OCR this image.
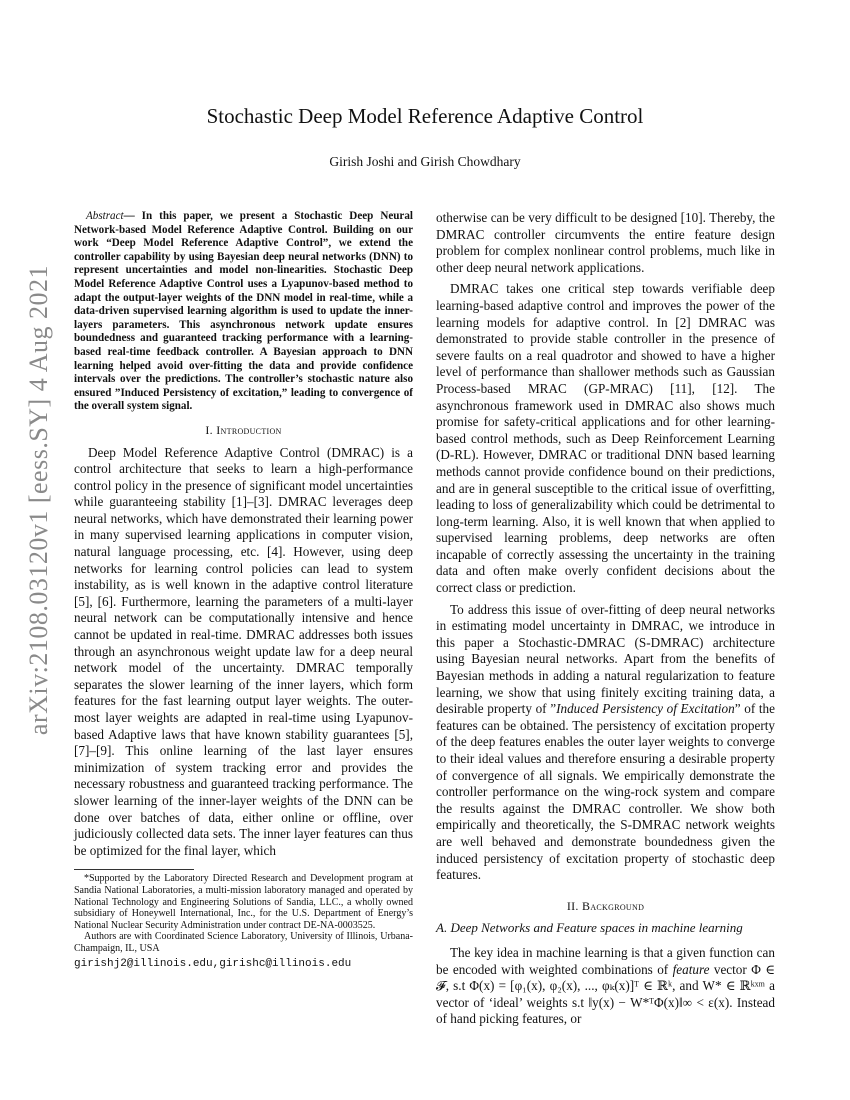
arXiv:2108.03120v1 [eess.SY] 4 Aug 2021
Stochastic Deep Model Reference Adaptive Control
Girish Joshi and Girish Chowdhary

Abstract— In this paper, we present a Stochastic Deep Neural Network-based Model Reference Adaptive Control. Building on our work “Deep Model Reference Adaptive Control”, we extend the controller capability by using Bayesian deep neural networks (DNN) to represent uncertainties and model non-linearities. Stochastic Deep Model Reference Adaptive Control uses a Lyapunov-based method to adapt the output-layer weights of the DNN model in real-time, while a data-driven supervised learning algorithm is used to update the inner-layers parameters. This asynchronous network update ensures boundedness and guaranteed tracking performance with a learning-based real-time feedback controller. A Bayesian approach to DNN learning helped avoid over-fitting the data and provide confidence intervals over the predictions. The controller’s stochastic nature also ensured ”Induced Persistency of excitation,” leading to convergence of the overall system signal.

I. Introduction

Deep Model Reference Adaptive Control (DMRAC) is a control architecture that seeks to learn a high-performance control policy in the presence of significant model uncertainties while guaranteeing stability [1]–[3]. DMRAC leverages deep neural networks, which have demonstrated their learning power in many supervised learning applications in computer vision, natural language processing, etc. [4]. However, using deep networks for learning control policies can lead to system instability, as is well known in the adaptive control literature [5], [6]. Furthermore, learning the parameters of a multi-layer neural network can be computationally intensive and hence cannot be updated in real-time. DMRAC addresses both issues through an asynchronous weight update law for a deep neural network model of the uncertainty. DMRAC temporally separates the slower learning of the inner layers, which form features for the fast learning output layer weights. The outer-most layer weights are adapted in real-time using Lyapunov-based Adaptive laws that have known stability guarantees [5], [7]–[9]. This online learning of the last layer ensures minimization of system tracking error and provides the necessary robustness and guaranteed tracking performance. The slower learning of the inner-layer weights of the DNN can be done over batches of data, either online or offline, over judiciously collected data sets. The inner layer features can thus be optimized for the final layer, which

*Supported by the Laboratory Directed Research and Development program at Sandia National Laboratories, a multi-mission laboratory managed and operated by National Technology and Engineering Solutions of Sandia, LLC., a wholly owned subsidiary of Honeywell International, Inc., for the U.S. Department of Energy’s National Nuclear Security Administration under contract DE-NA-0003525.

Authors are with Coordinated Science Laboratory, University of Illinois, Urbana-Champaign, IL, USA

girishj2@illinois.edu,girishc@illinois.edu

otherwise can be very difficult to be designed [10]. Thereby, the DMRAC controller circumvents the entire feature design problem for complex nonlinear control problems, much like in other deep neural network applications.

DMRAC takes one critical step towards verifiable deep learning-based adaptive control and improves the power of the learning models for adaptive control. In [2] DMRAC was demonstrated to provide stable controller in the presence of severe faults on a real quadrotor and showed to have a higher level of performance than shallower methods such as Gaussian Process-based MRAC (GP-MRAC) [11], [12]. The asynchronous framework used in DMRAC also shows much promise for safety-critical applications and for other learning-based control methods, such as Deep Reinforcement Learning (D-RL). However, DMRAC or traditional DNN based learning methods cannot provide confidence bound on their predictions, and are in general susceptible to the critical issue of overfitting, leading to loss of generalizability which could be detrimental to long-term learning. Also, it is well known that when applied to supervised learning problems, deep networks are often incapable of correctly assessing the uncertainty in the training data and often make overly confident decisions about the correct class or prediction.

To address this issue of over-fitting of deep neural networks in estimating model uncertainty in DMRAC, we introduce in this paper a Stochastic-DMRAC (S-DMRAC) architecture using Bayesian neural networks. Apart from the benefits of Bayesian methods in adding a natural regularization to feature learning, we show that using finitely exciting training data, a desirable property of ”Induced Persistency of Excitation” of the features can be obtained. The persistency of excitation property of the deep features enables the outer layer weights to converge to their ideal values and therefore ensuring a desirable property of convergence of all signals. We empirically demonstrate the controller performance on the wing-rock system and compare the results against the DMRAC controller. We show both empirically and theoretically, the S-DMRAC network weights are well behaved and demonstrate boundedness given the induced persistency of excitation property of stochastic deep features.

II. Background
A. Deep Networks and Feature spaces in machine learning

The key idea in machine learning is that a given function can be encoded with weighted combinations of feature vector Φ ∈ 𝓕, s.t Φ(x) = [φ₁(x), φ₂(x), ..., φₖ(x)]ᵀ ∈ ℝᵏ, and W* ∈ ℝᵏˣᵐ a vector of ‘ideal’ weights s.t ‖y(x) − W*ᵀΦ(x)‖∞ < ε(x). Instead of hand picking features, or
